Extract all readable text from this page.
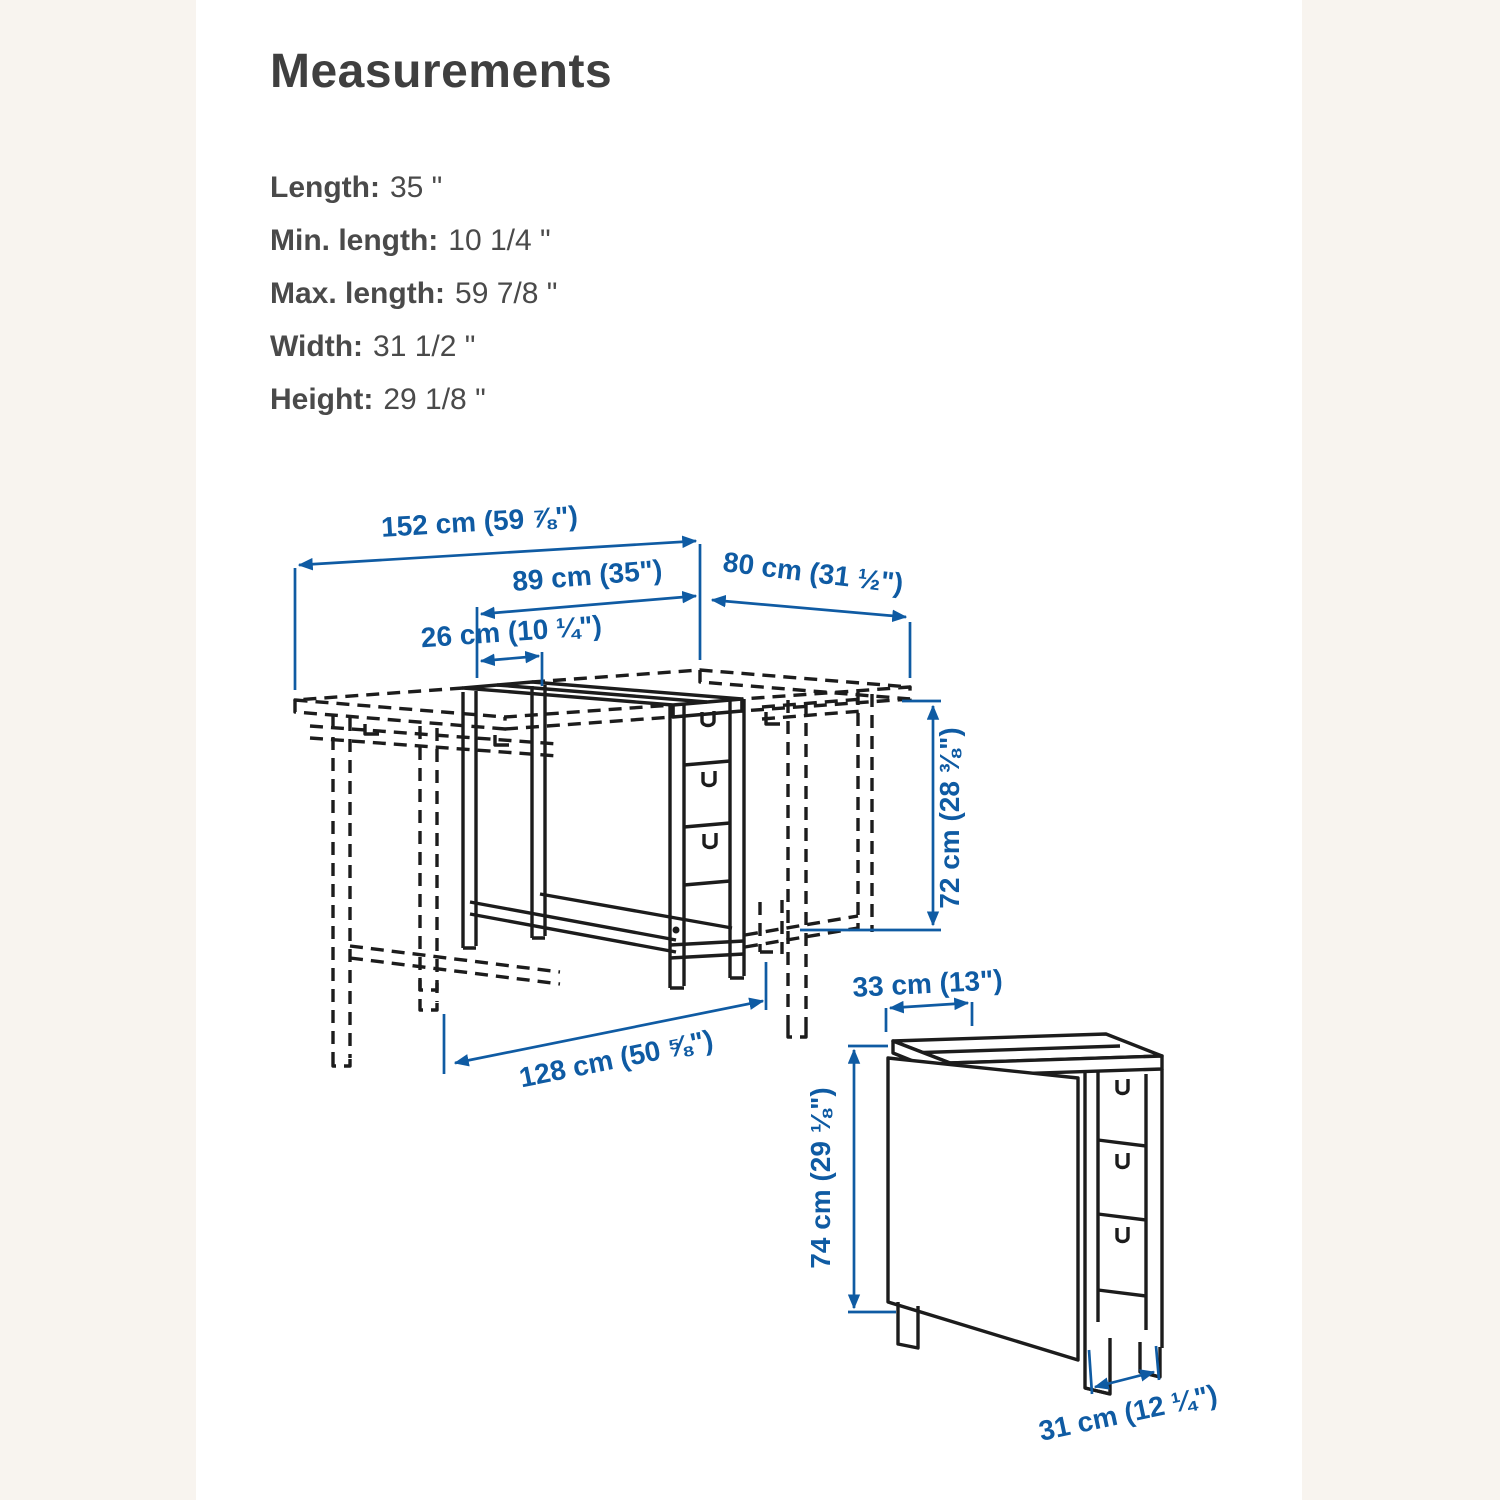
Measurements
Length: 35 "
Min. length: 10 1/4 "
Max. length: 59 7/8 "
Width: 31 1/2 "
Height: 29 1/8 "
152 cm (59 ⅞")
89 cm (35") 80 cm (31 ½")
26 cm (10 ¼")
72 cm (28 ⅜")
128 cm (50 ⅝")
33 cm (13")
74 cm (29 ⅛")
31 cm (12 ¼")
